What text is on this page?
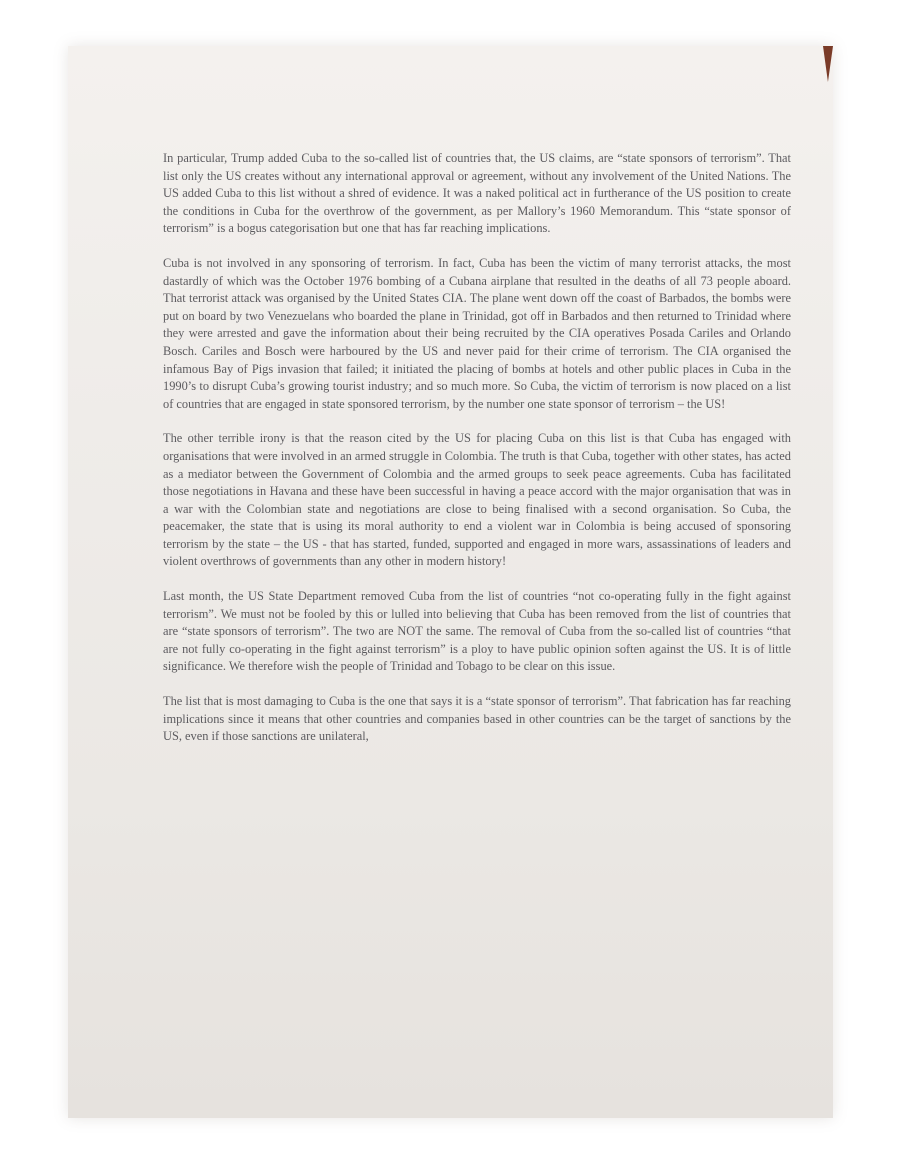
In particular, Trump added Cuba to the so-called list of countries that, the US claims, are “state sponsors of terrorism”. That list only the US creates without any international approval or agreement, without any involvement of the United Nations. The US added Cuba to this list without a shred of evidence. It was a naked political act in furtherance of the US position to create the conditions in Cuba for the overthrow of the government, as per Mallory’s 1960 Memorandum. This “state sponsor of terrorism” is a bogus categorisation but one that has far reaching implications.

Cuba is not involved in any sponsoring of terrorism. In fact, Cuba has been the victim of many terrorist attacks, the most dastardly of which was the October 1976 bombing of a Cubana airplane that resulted in the deaths of all 73 people aboard. That terrorist attack was organised by the United States CIA. The plane went down off the coast of Barbados, the bombs were put on board by two Venezuelans who boarded the plane in Trinidad, got off in Barbados and then returned to Trinidad where they were arrested and gave the information about their being recruited by the CIA operatives Posada Cariles and Orlando Bosch. Cariles and Bosch were harboured by the US and never paid for their crime of terrorism. The CIA organised the infamous Bay of Pigs invasion that failed; it initiated the placing of bombs at hotels and other public places in Cuba in the 1990’s to disrupt Cuba’s growing tourist industry; and so much more. So Cuba, the victim of terrorism is now placed on a list of countries that are engaged in state sponsored terrorism, by the number one state sponsor of terrorism – the US!

The other terrible irony is that the reason cited by the US for placing Cuba on this list is that Cuba has engaged with organisations that were involved in an armed struggle in Colombia. The truth is that Cuba, together with other states, has acted as a mediator between the Government of Colombia and the armed groups to seek peace agreements. Cuba has facilitated those negotiations in Havana and these have been successful in having a peace accord with the major organisation that was in a war with the Colombian state and negotiations are close to being finalised with a second organisation. So Cuba, the peacemaker, the state that is using its moral authority to end a violent war in Colombia is being accused of sponsoring terrorism by the state – the US - that has started, funded, supported and engaged in more wars, assassinations of leaders and violent overthrows of governments than any other in modern history!

Last month, the US State Department removed Cuba from the list of countries “not co-operating fully in the fight against terrorism”. We must not be fooled by this or lulled into believing that Cuba has been removed from the list of countries that are “state sponsors of terrorism”. The two are NOT the same. The removal of Cuba from the so-called list of countries “that are not fully co-operating in the fight against terrorism” is a ploy to have public opinion soften against the US. It is of little significance. We therefore wish the people of Trinidad and Tobago to be clear on this issue.

The list that is most damaging to Cuba is the one that says it is a “state sponsor of terrorism”. That fabrication has far reaching implications since it means that other countries and companies based in other countries can be the target of sanctions by the US, even if those sanctions are unilateral,
